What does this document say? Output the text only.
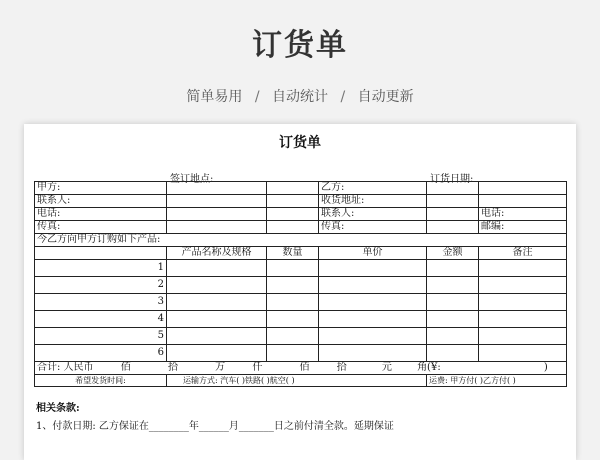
订货单
简单易用 / 自动统计 / 自动更新
订货单
签订地点:	订货日期:
甲方:			乙方:		
联系人:			收货地址:		
电话:			联系人:		电话:
传真:			传真:		邮编:
今乙方向甲方订购如下产品:					
	产品名称及规格	数量	单价	金额	备注
1					
2					
3					
4					
5					
6					
合计: 人民币 佰 拾 万 仟 佰 拾 元 角(¥: )					
希望发货时间:	运输方式: 汽车( )铁路( )航空( )			运费: 甲方付( )乙方付( )	
相关条款:
1、付款日期: 乙方保证在________年______月_______日之前付清全款。延期保证
